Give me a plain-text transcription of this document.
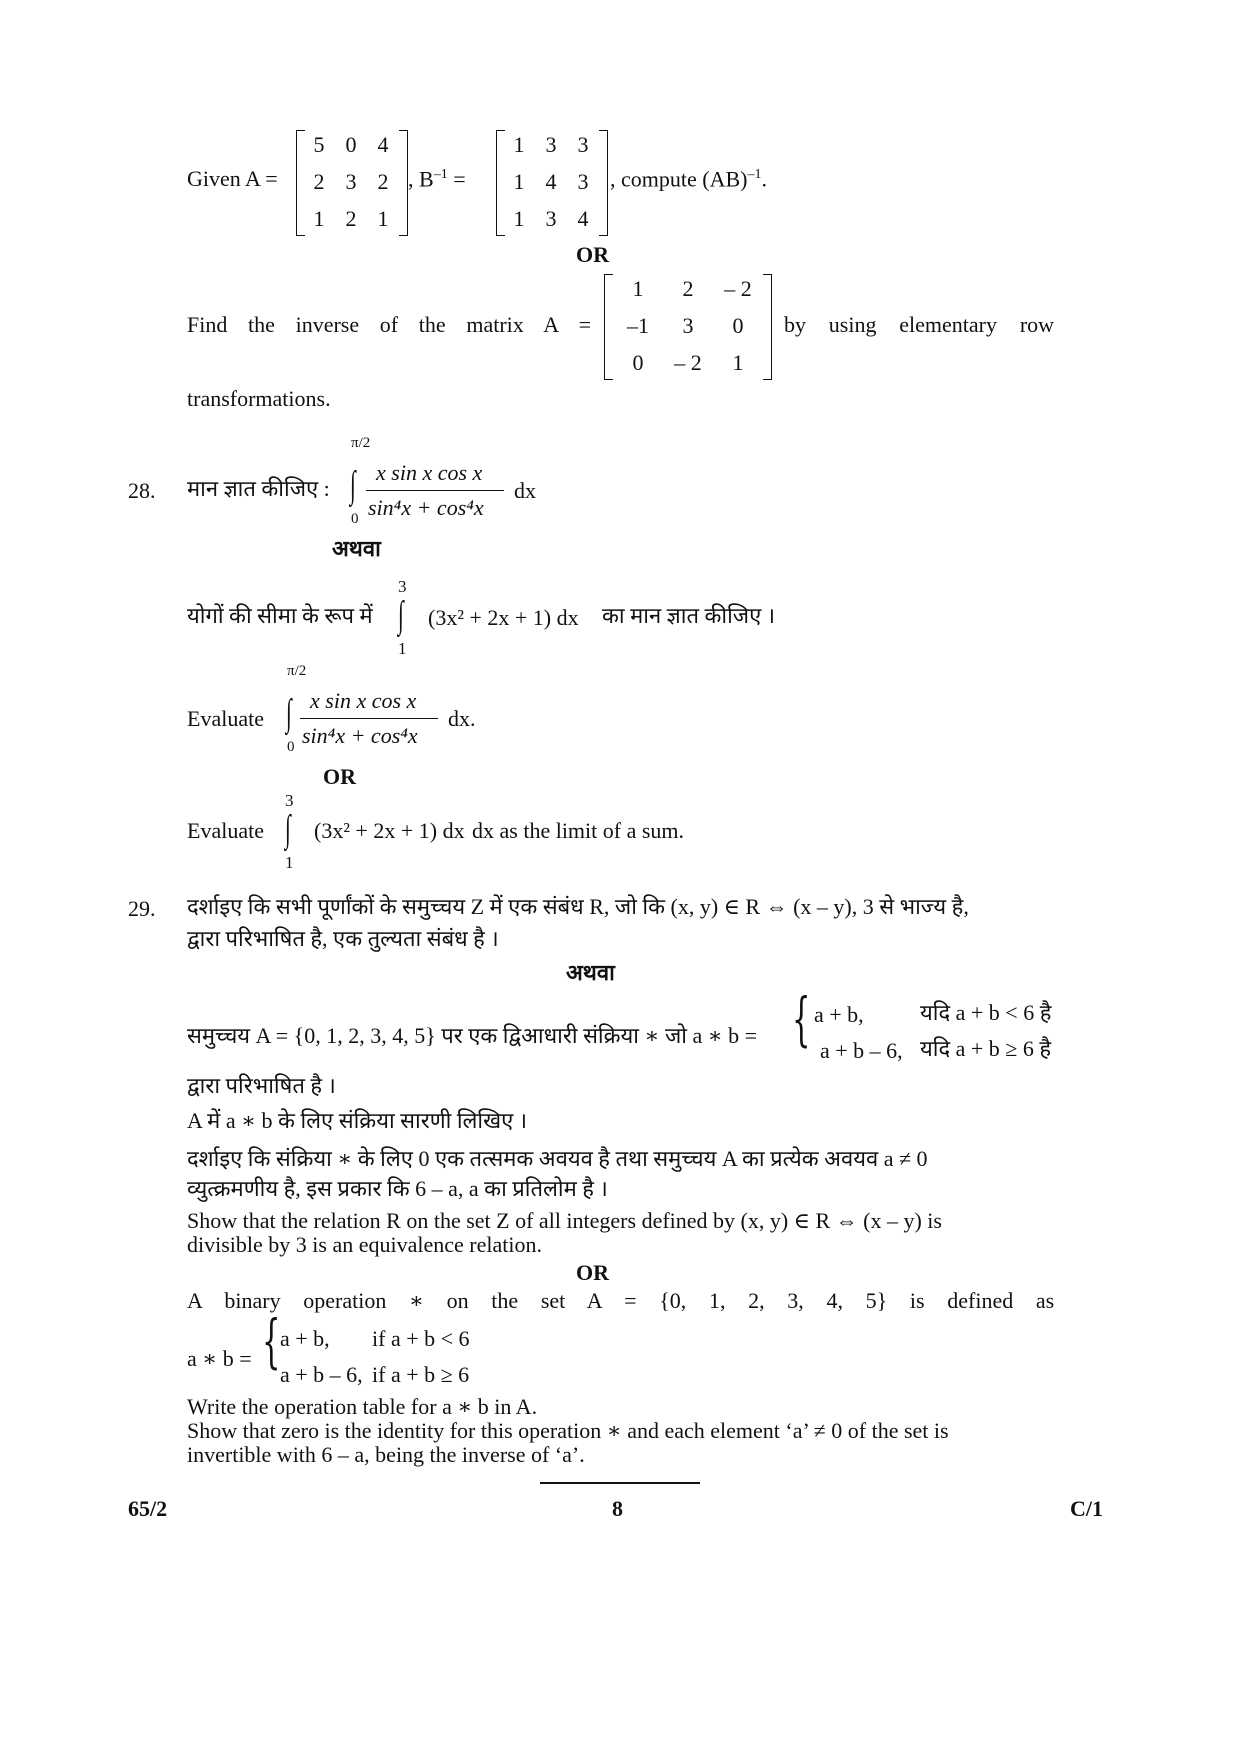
Given A =
5 0 4
2 3 2
1 2 1
, $B^{-1}$ =
1 3 3
1 4 3
1 3 4
, compute (AB)$^{-1}$.
OR
Find the inverse of the matrix A =
1	2	– 2
–1	3	0
0	– 2	1
by using elementary row
transformations.
28. मान ज्ञात कीजिए :
π/2
∫
0
x sin x cos x
sin⁴x + cos⁴x
dx
अथवा
योगों की सीमा के रूप में
3
∫
1
(3x² + 2x + 1) dx का मान ज्ञात कीजिए ।
Evaluate
π/2
∫
0
x sin x cos x
sin⁴x + cos⁴x
dx.
OR
Evaluate
3
∫
1
(3x² + 2x + 1) dx dx as the limit of a sum.
29. दर्शाइए कि सभी पूर्णांकों के समुच्चय Z में एक संबंध R, जो कि (x, y) ∈ R ⇔ (x – y), 3 से भाज्य है,
द्वारा परिभाषित है, एक तुल्यता संबंध है ।
अथवा
समुच्चय A = {0, 1, 2, 3, 4, 5} पर एक द्विआधारी संक्रिया ∗ जो a ∗ b = { a + b,	यदि a + b < 6 है
a + b – 6, यदि a + b ≥ 6 है
द्वारा परिभाषित है ।
A में a ∗ b के लिए संक्रिया सारणी लिखिए ।
दर्शाइए कि संक्रिया ∗ के लिए 0 एक तत्समक अवयव है तथा समुच्चय A का प्रत्येक अवयव a ≠ 0
व्युत्क्रमणीय है, इस प्रकार कि 6 – a, a का प्रतिलोम है ।
Show that the relation R on the set Z of all integers defined by (x, y) ∈ R ⇔ (x – y) is
divisible by 3 is an equivalence relation.
OR
A binary operation ∗ on the set A = {0, 1, 2, 3, 4, 5} is defined as
a ∗ b = { a + b, if a + b < 6
a + b – 6, if a + b ≥ 6
Write the operation table for a ∗ b in A.
Show that zero is the identity for this operation ∗ and each element ‘a’ ≠ 0 of the set is
invertible with 6 – a, being the inverse of ‘a’.
65/2	8	C/1
